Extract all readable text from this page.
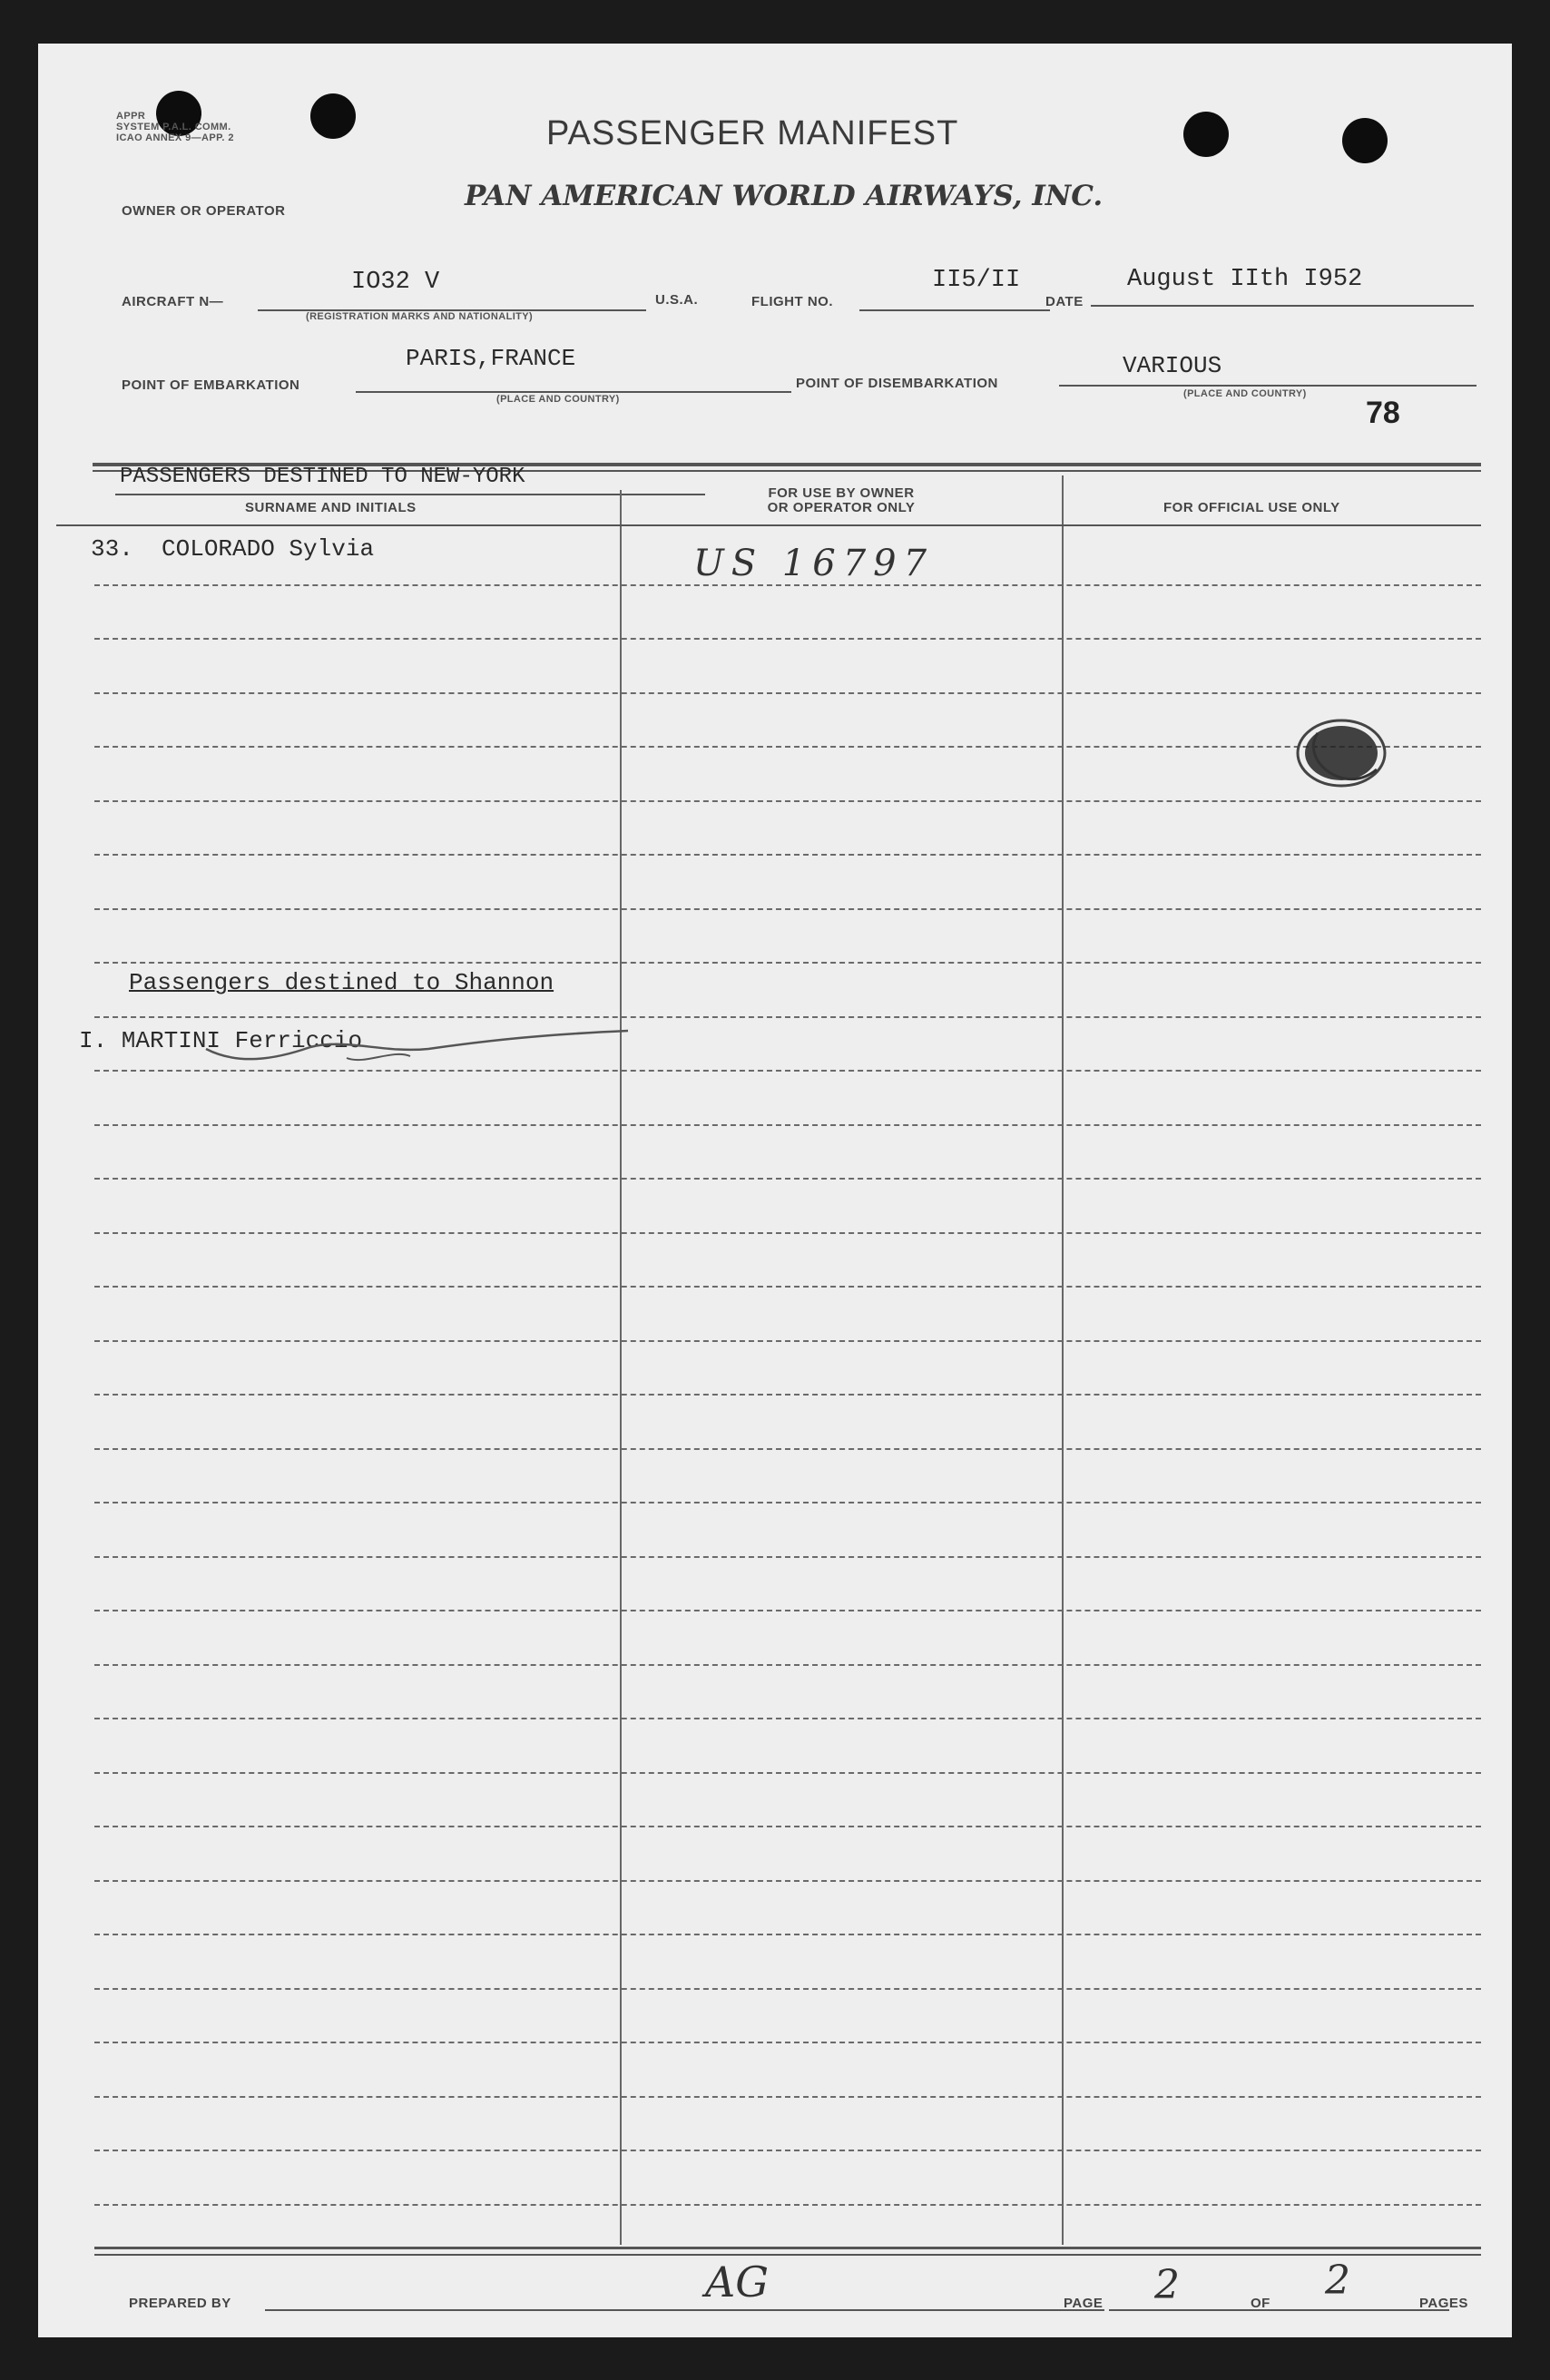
APPR
SYSTEM P.A.L. COMM.
ICAO ANNEX 9—APP. 2	PASSENGER MANIFEST
OWNER OR OPERATOR	PAN AMERICAN WORLD AIRWAYS, INC.
AIRCRAFT N—
IO32 V
(REGISTRATION MARKS AND NATIONALITY)
U.S.A.	FLIGHT NO.
II5/II
DATE
August IIth I952
POINT OF EMBARKATION
PARIS,FRANCE
(PLACE AND COUNTRY)
POINT OF DISEMBARKATION
VARIOUS
(PLACE AND COUNTRY)
78
PASSENGERS DESTINED TO NEW-YORK
SURNAME AND INITIALS
FOR USE BY OWNER
OR OPERATOR ONLY	FOR OFFICIAL USE ONLY
33.  COLORADO Sylvia	US 16797
Passengers destined to Shannon
I. MARTINI Ferriccio
PREPARED BY	AG	PAGE 2	OF 2	PAGES
